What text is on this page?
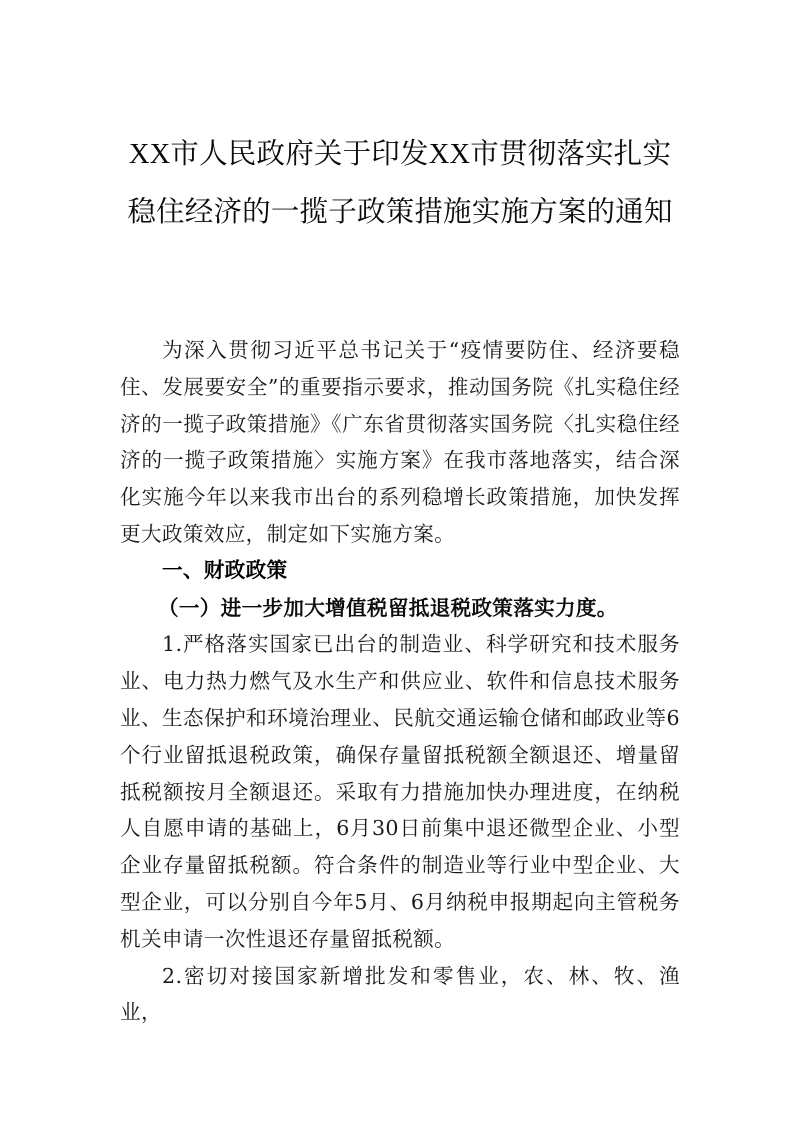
XX市人民政府关于印发XX市贯彻落实扎实稳住经济的一揽子政策措施实施方案的通知

为深入贯彻习近平总书记关于“疫情要防住、经济要稳住、发展要安全”的重要指示要求，推动国务院《扎实稳住经济的一揽子政策措施》《广东省贯彻落实国务院〈扎实稳住经济的一揽子政策措施〉实施方案》在我市落地落实，结合深化实施今年以来我市出台的系列稳增长政策措施，加快发挥更大政策效应，制定如下实施方案。

一、财政政策

（一）进一步加大增值税留抵退税政策落实力度。

1.严格落实国家已出台的制造业、科学研究和技术服务业、电力热力燃气及水生产和供应业、软件和信息技术服务业、生态保护和环境治理业、民航交通运输仓储和邮政业等6个行业留抵退税政策，确保存量留抵税额全额退还、增量留抵税额按月全额退还。采取有力措施加快办理进度，在纳税人自愿申请的基础上，6月30日前集中退还微型企业、小型企业存量留抵税额。符合条件的制造业等行业中型企业、大型企业，可以分别自今年5月、6月纳税申报期起向主管税务机关申请一次性退还存量留抵税额。

2.密切对接国家新增批发和零售业，农、林、牧、渔业，
